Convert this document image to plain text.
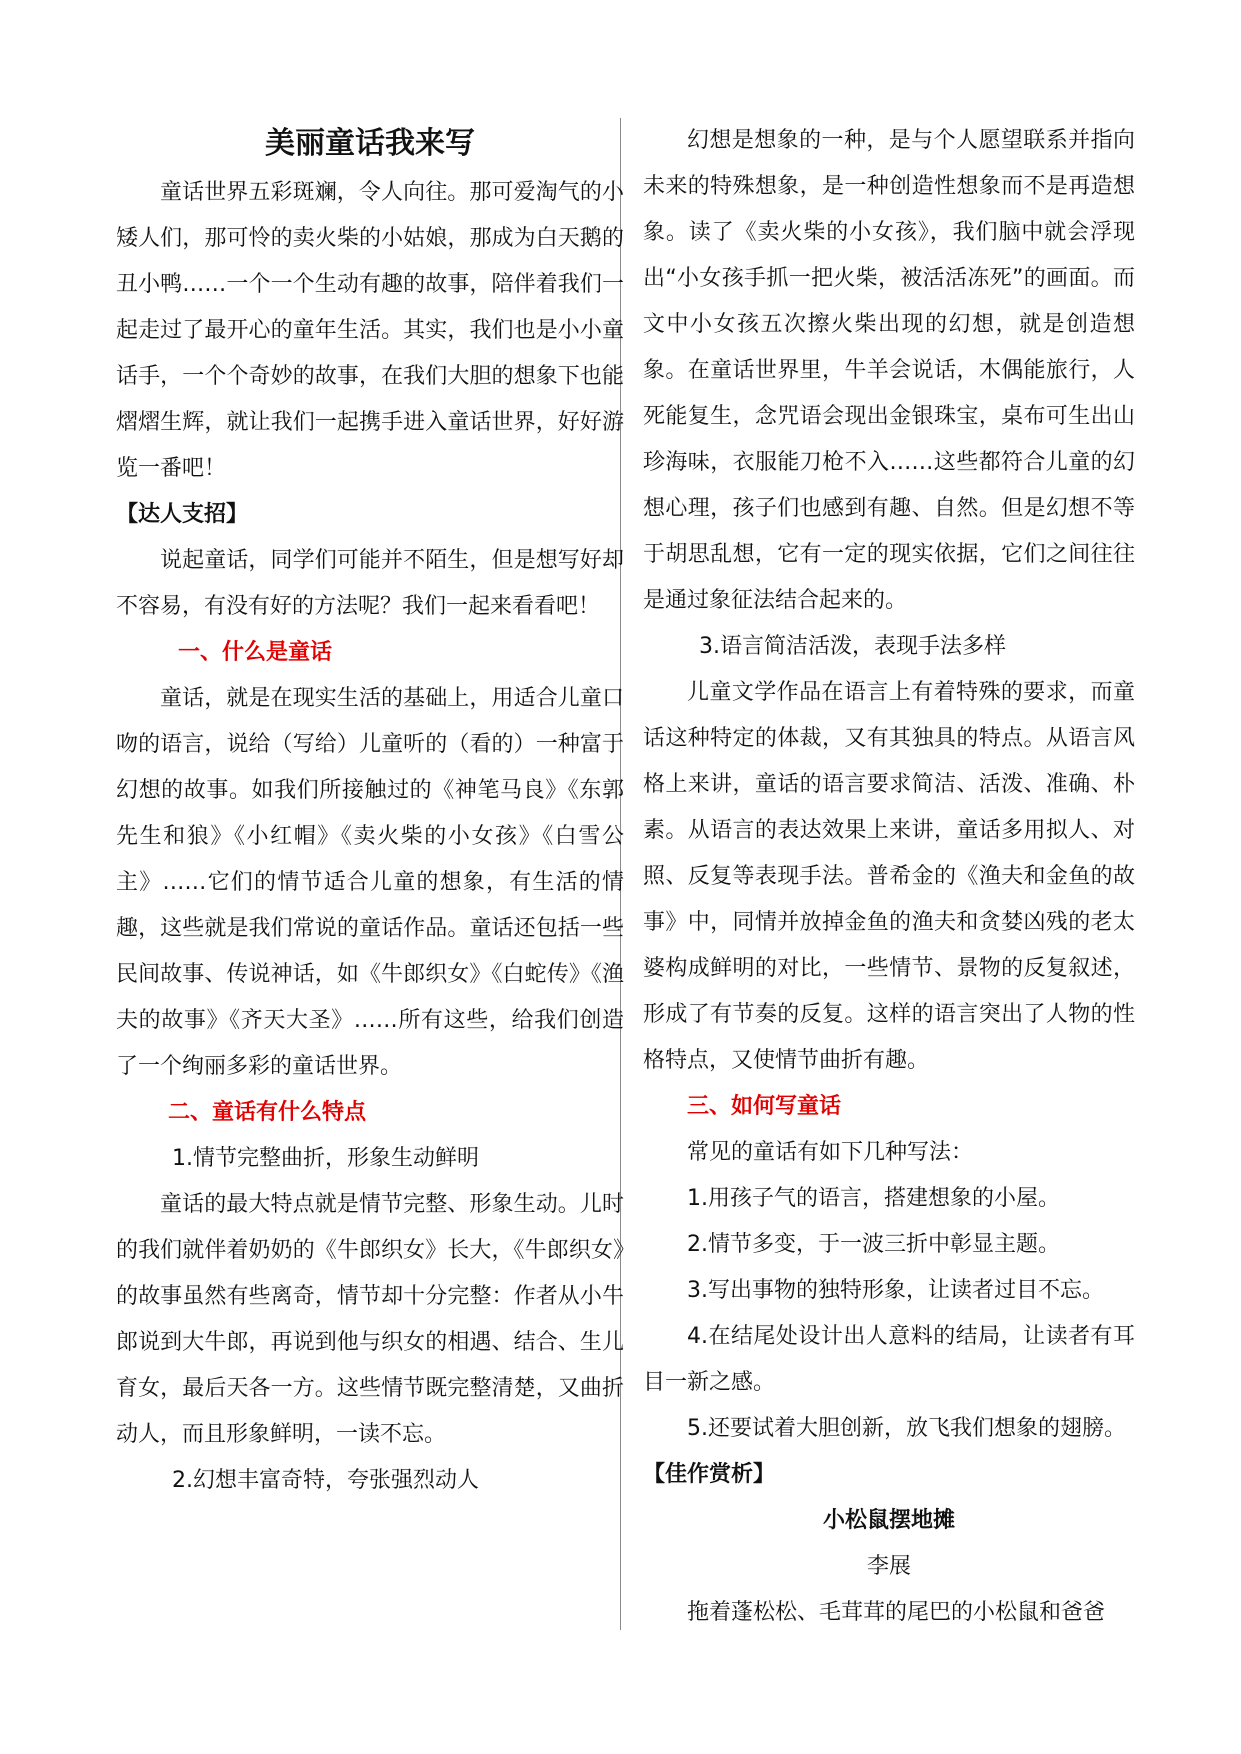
美丽童话我来写

童话世界五彩斑斓，令人向往。那可爱淘气的小矮人们，那可怜的卖火柴的小姑娘，那成为白天鹅的丑小鸭……一个一个生动有趣的故事，陪伴着我们一起走过了最开心的童年生活。其实，我们也是小小童话手，一个个奇妙的故事，在我们大胆的想象下也能熠熠生辉，就让我们一起携手进入童话世界，好好游览一番吧！

【达人支招】

说起童话，同学们可能并不陌生，但是想写好却不容易，有没有好的方法呢？我们一起来看看吧！

一、什么是童话

童话，就是在现实生活的基础上，用适合儿童口吻的语言，说给（写给）儿童听的（看的）一种富于幻想的故事。如我们所接触过的《神笔马良》《东郭先生和狼》《小红帽》《卖火柴的小女孩》《白雪公主》……它们的情节适合儿童的想象，有生活的情趣，这些就是我们常说的童话作品。童话还包括一些民间故事、传说神话，如《牛郎织女》《白蛇传》《渔夫的故事》《齐天大圣》……所有这些，给我们创造了一个绚丽多彩的童话世界。

二、童话有什么特点

1.情节完整曲折，形象生动鲜明

童话的最大特点就是情节完整、形象生动。儿时的我们就伴着奶奶的《牛郎织女》长大，《牛郎织女》的故事虽然有些离奇，情节却十分完整：作者从小牛郎说到大牛郎，再说到他与织女的相遇、结合、生儿育女，最后天各一方。这些情节既完整清楚，又曲折动人，而且形象鲜明，一读不忘。

2.幻想丰富奇特，夸张强烈动人

幻想是想象的一种，是与个人愿望联系并指向未来的特殊想象，是一种创造性想象而不是再造想象。读了《卖火柴的小女孩》，我们脑中就会浮现出“小女孩手抓一把火柴，被活活冻死”的画面。而文中小女孩五次擦火柴出现的幻想，就是创造想象。在童话世界里，牛羊会说话，木偶能旅行，人死能复生，念咒语会现出金银珠宝，桌布可生出山珍海味，衣服能刀枪不入……这些都符合儿童的幻想心理，孩子们也感到有趣、自然。但是幻想不等于胡思乱想，它有一定的现实依据，它们之间往往是通过象征法结合起来的。

3.语言简洁活泼，表现手法多样

儿童文学作品在语言上有着特殊的要求，而童话这种特定的体裁，又有其独具的特点。从语言风格上来讲，童话的语言要求简洁、活泼、准确、朴素。从语言的表达效果上来讲，童话多用拟人、对照、反复等表现手法。普希金的《渔夫和金鱼的故事》中，同情并放掉金鱼的渔夫和贪婪凶残的老太婆构成鲜明的对比，一些情节、景物的反复叙述，形成了有节奏的反复。这样的语言突出了人物的性格特点，又使情节曲折有趣。

三、如何写童话

常见的童话有如下几种写法：

1.用孩子气的语言，搭建想象的小屋。

2.情节多变，于一波三折中彰显主题。

3.写出事物的独特形象，让读者过目不忘。

4.在结尾处设计出人意料的结局，让读者有耳目一新之感。

5.还要试着大胆创新，放飞我们想象的翅膀。

【佳作赏析】

小松鼠摆地摊

李展

拖着蓬松松、毛茸茸的尾巴的小松鼠和爸爸
